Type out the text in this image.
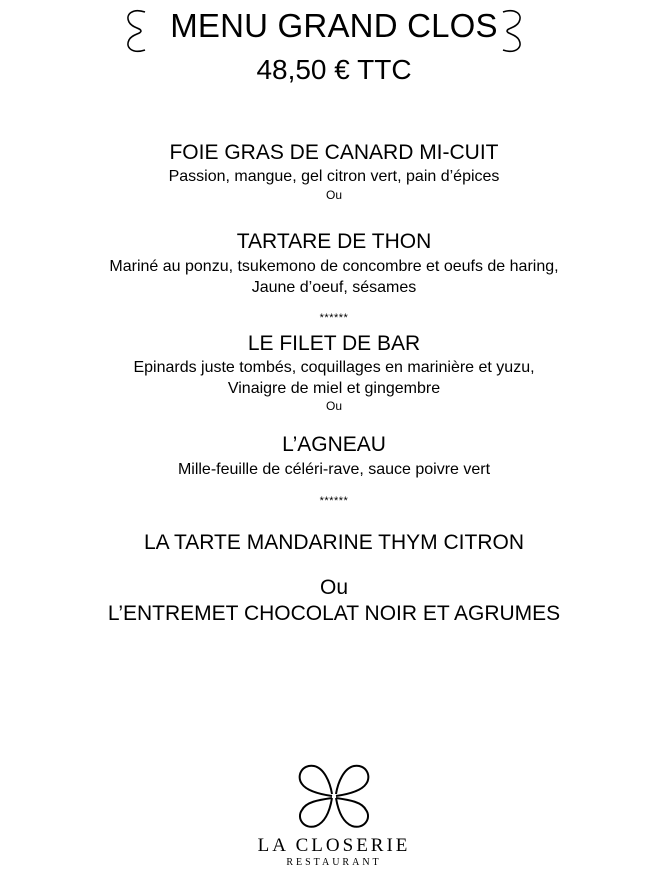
MENU GRAND CLOS
48,50 € TTC
FOIE GRAS DE CANARD MI-CUIT
Passion, mangue, gel citron vert, pain d’épices
Ou
TARTARE DE THON
Mariné au ponzu, tsukemono de concombre et oeufs de haring,
Jaune d’oeuf, sésames
******
LE FILET DE BAR
Epinards juste tombés, coquillages en marinière et yuzu,
Vinaigre de miel et gingembre
Ou
L’AGNEAU
Mille-feuille de céléri-rave, sauce poivre vert
******
LA TARTE MANDARINE THYM CITRON
Ou
L’ENTREMET CHOCOLAT NOIR ET AGRUMES
LA CLOSERIE
RESTAURANT
